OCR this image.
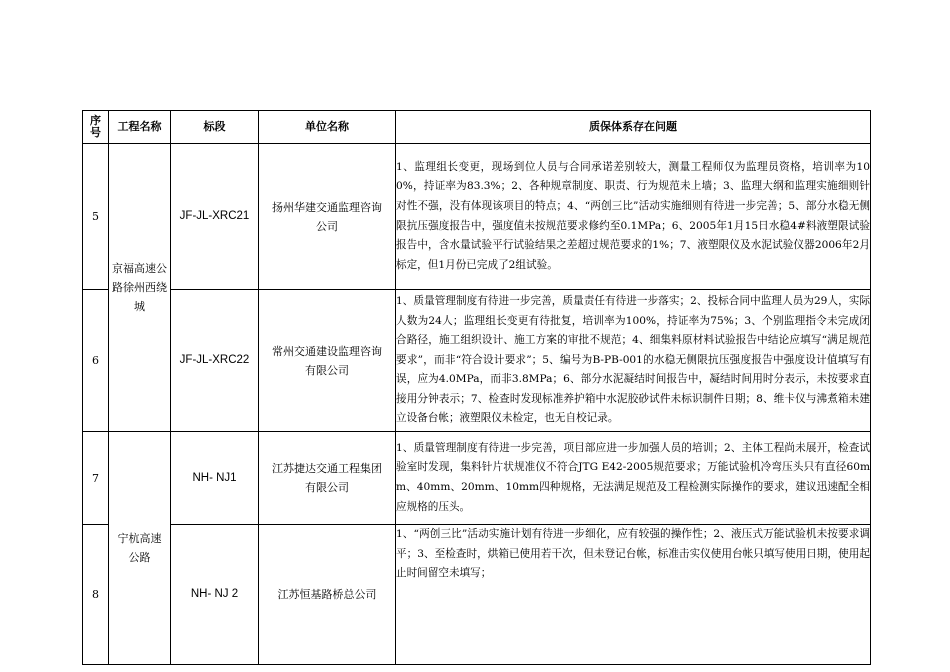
序号	工程名称	标段	单位名称	质保体系存在问题
5	京福高速公路徐州西绕城	JF-JL-XRC21	扬州华建交通监理咨询公司	1、监理组长变更，现场到位人员与合同承诺差别较大，测量工程师仅为监理员资格，培训率为100%，持证率为83.3%；2、各种规章制度、职责、行为规范未上墙；3、监理大纲和监理实施细则针对性不强，没有体现该项目的特点；4、“两创三比”活动实施细则有待进一步完善；5、部分水稳无侧限抗压强度报告中，强度值未按规范要求修约至0.1MPa；6、2005年1月15日水稳4#料液塑限试验报告中，含水量试验平行试验结果之差超过规范要求的1%；7、液塑限仪及水泥试验仪器2006年2月标定，但1月份已完成了2组试验。
6		JF-JL-XRC22	常州交通建设监理咨询有限公司	1、质量管理制度有待进一步完善，质量责任有待进一步落实；2、投标合同中监理人员为29人，实际人数为24人；监理组长变更有待批复，培训率为100%，持证率为75%；3、个别监理指令未完成闭合路径，施工组织设计、施工方案的审批不规范；4、细集料原材料试验报告中结论应填写“满足规范要求”，而非“符合设计要求”；5、编号为B-PB-001的水稳无侧限抗压强度报告中强度设计值填写有误，应为4.0MPa，而非3.8MPa；6、部分水泥凝结时间报告中，凝结时间用时分表示，未按要求直接用分钟表示；7、检查时发现标准养护箱中水泥胶砂试件未标识制件日期；8、维卡仪与沸煮箱未建立设备台帐；液塑限仪未检定，也无自校记录。
7	宁杭高速公路	NH- NJ1	江苏捷达交通工程集团有限公司	1、质量管理制度有待进一步完善，项目部应进一步加强人员的培训；2、主体工程尚未展开，检查试验室时发现，集料针片状规准仪不符合JTG E42-2005规范要求；万能试验机冷弯压头只有直径60mm、40mm、20mm、10mm四种规格，无法满足规范及工程检测实际操作的要求，建议迅速配全相应规格的压头。
8		NH- NJ 2	江苏恒基路桥总公司	1、“两创三比”活动实施计划有待进一步细化，应有较强的操作性；2、液压式万能试验机未按要求调平；3、至检查时，烘箱已使用若干次，但未登记台帐，标准击实仪使用台帐只填写使用日期，使用起止时间留空未填写；
